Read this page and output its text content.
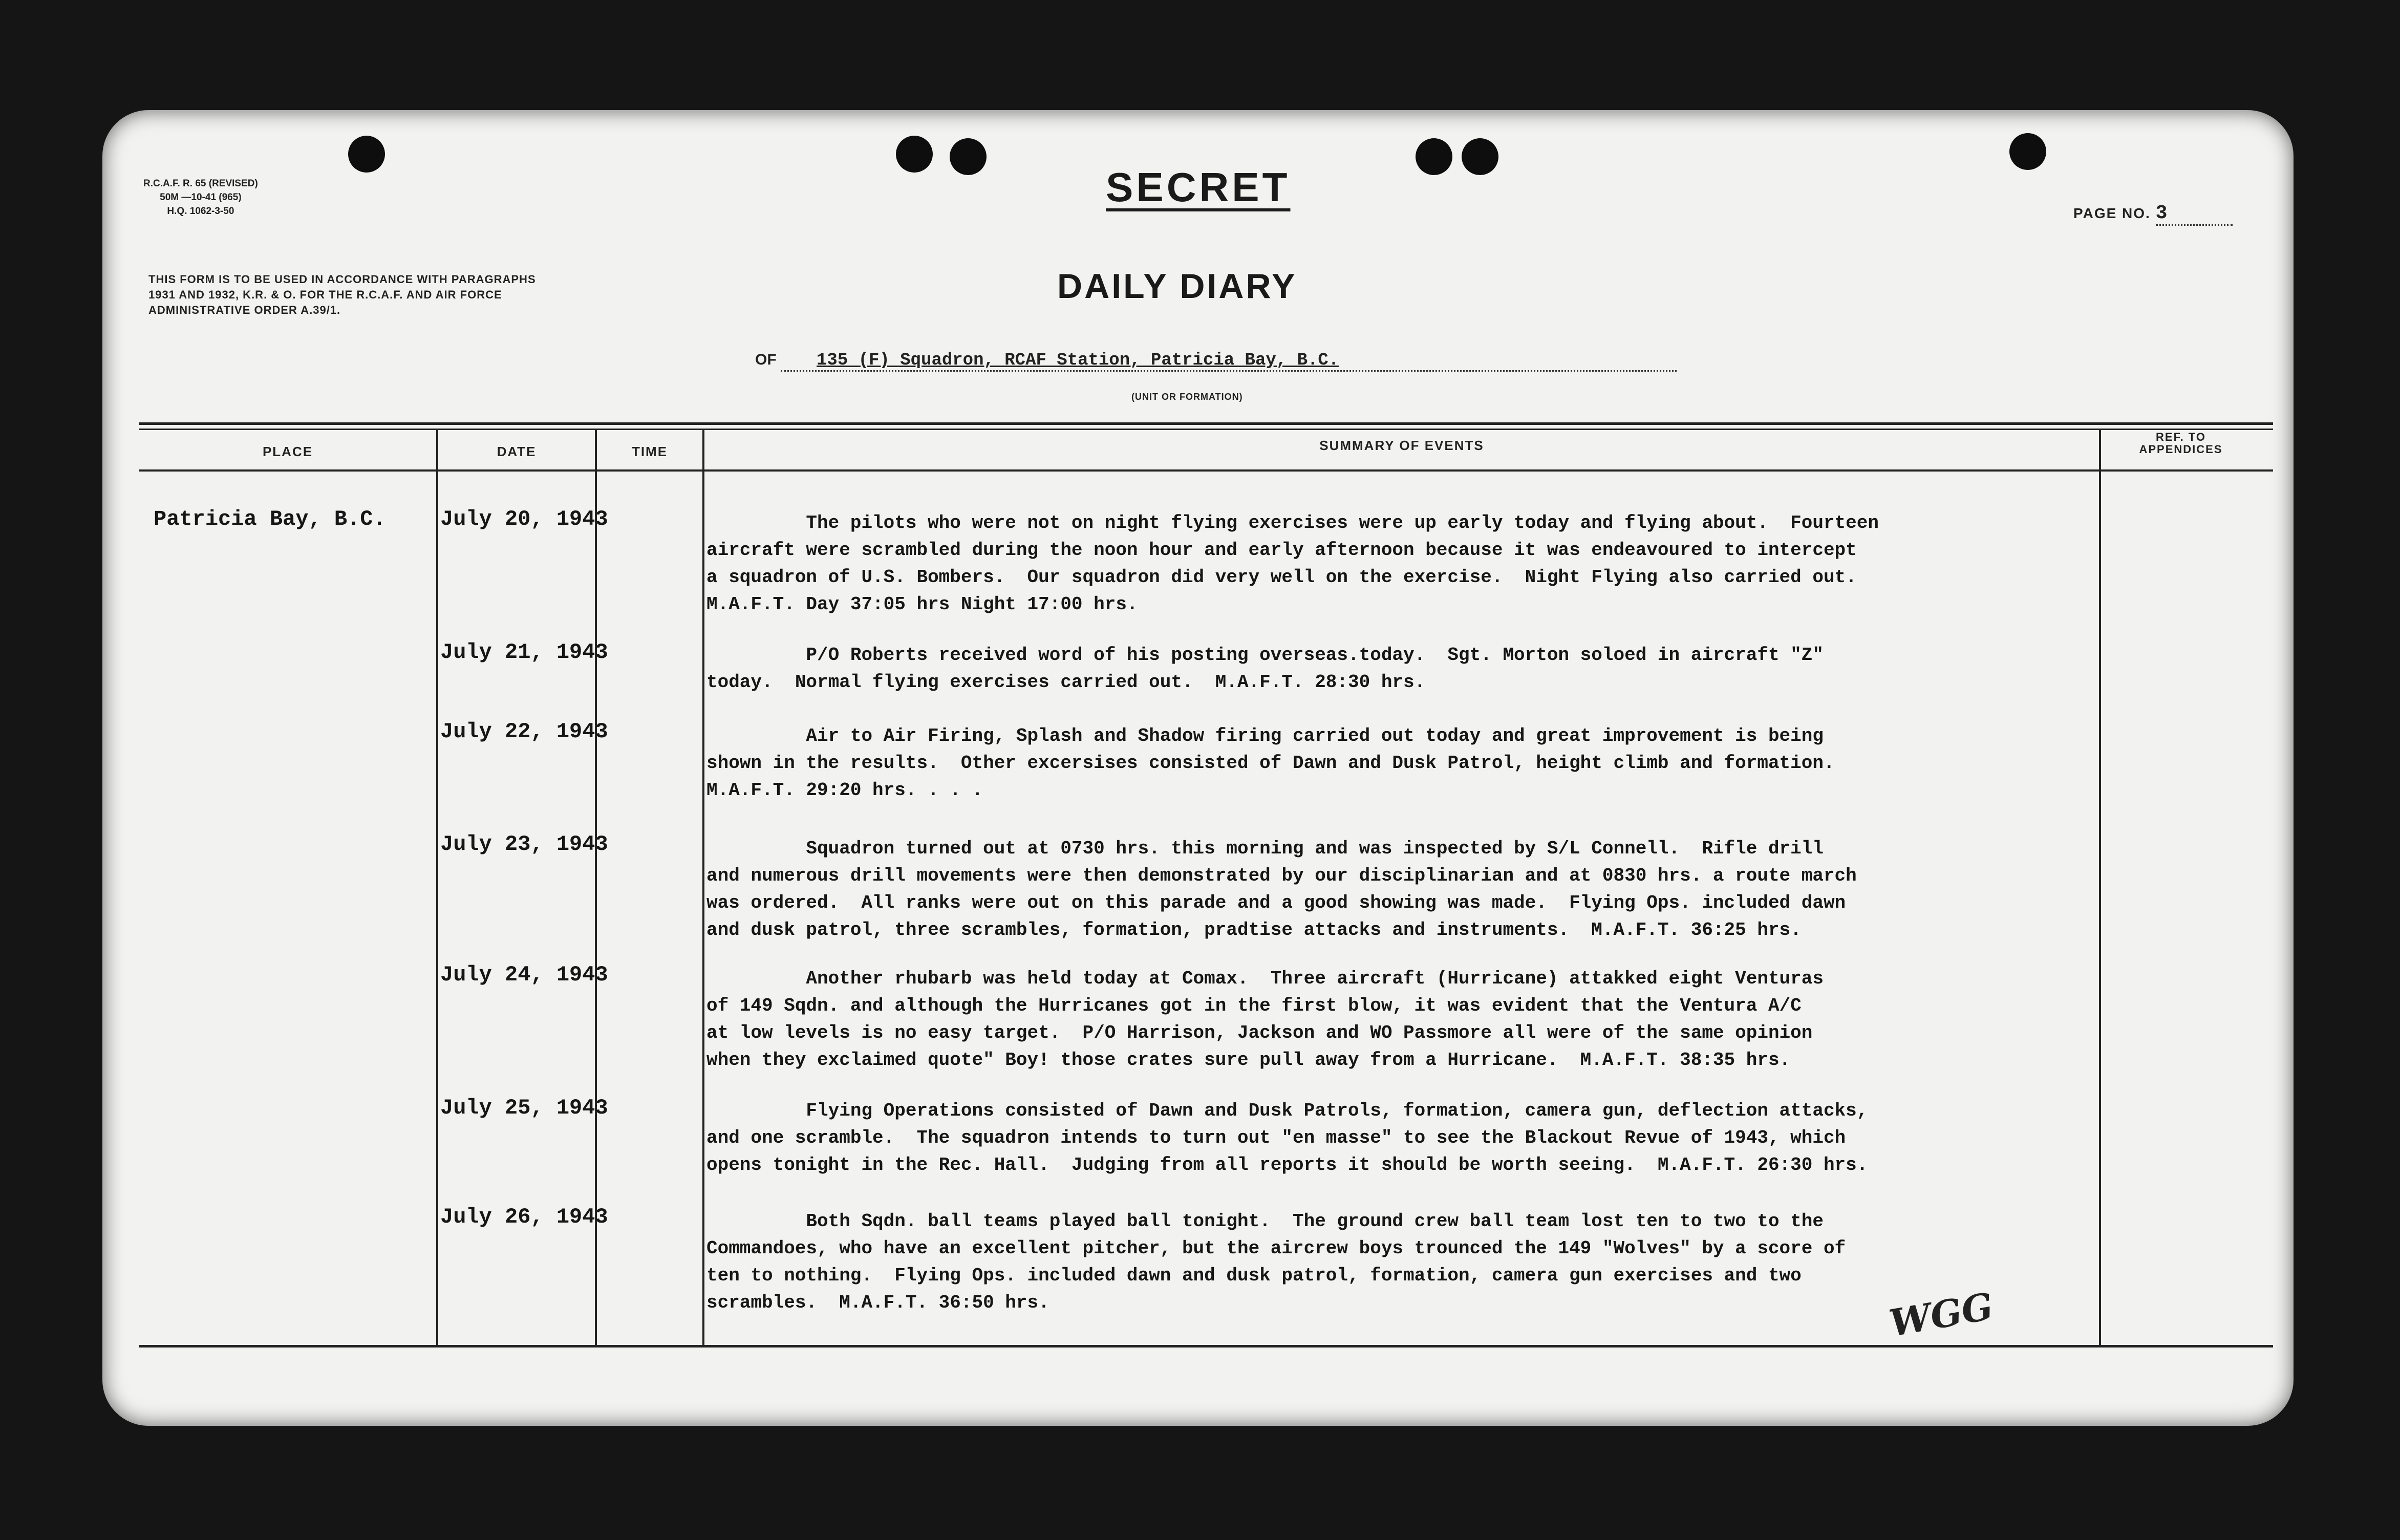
R.C.A.F. R. 65 (REVISED)
50M —10-41 (965)
H.Q. 1062-3-50
SECRET
PAGE NO. 3
THIS FORM IS TO BE USED IN ACCORDANCE WITH PARAGRAPHS 1931 AND 1932, K.R. & O. FOR THE R.C.A.F. AND AIR FORCE ADMINISTRATIVE ORDER A.39/1.
DAILY DIARY
OF 135 (F) Squadron, RCAF Station, Patricia Bay, B.C.
(UNIT OR FORMATION)
PLACE	DATE	TIME	SUMMARY OF EVENTS
REF. TO APPENDICES
Patricia Bay, B.C.	July 20, 1943	The pilots who were not on night flying exercises were up early today and flying about.  Fourteen
aircraft were scrambled during the noon hour and early afternoon because it was endeavoured to intercept
a squadron of U.S. Bombers.  Our squadron did very well on the exercise.  Night Flying also carried out.
M.A.F.T. Day 37:05 hrs Night 17:00 hrs.
July 21, 1943	P/O Roberts received word of his posting overseas.today.  Sgt. Morton soloed in aircraft "Z"
today.  Normal flying exercises carried out.  M.A.F.T. 28:30 hrs.
July 22, 1943	Air to Air Firing, Splash and Shadow firing carried out today and great improvement is being
shown in the results.  Other excersises consisted of Dawn and Dusk Patrol, height climb and formation.
M.A.F.T. 29:20 hrs. . . .
July 23, 1943	Squadron turned out at 0730 hrs. this morning and was inspected by S/L Connell.  Rifle drill
and numerous drill movements were then demonstrated by our disciplinarian and at 0830 hrs. a route march
was ordered.  All ranks were out on this parade and a good showing was made.  Flying Ops. included dawn
and dusk patrol, three scrambles, formation, pradtise attacks and instruments.  M.A.F.T. 36:25 hrs.
July 24, 1943	Another rhubarb was held today at Comax.  Three aircraft (Hurricane) attakked eight Venturas
of 149 Sqdn. and although the Hurricanes got in the first blow, it was evident that the Ventura A/C
at low levels is no easy target.  P/O Harrison, Jackson and WO Passmore all were of the same opinion
when they exclaimed quote" Boy! those crates sure pull away from a Hurricane.  M.A.F.T. 38:35 hrs.
July 25, 1943	Flying Operations consisted of Dawn and Dusk Patrols, formation, camera gun, deflection attacks,
and one scramble.  The squadron intends to turn out "en masse" to see the Blackout Revue of 1943, which
opens tonight in the Rec. Hall.  Judging from all reports it should be worth seeing.  M.A.F.T. 26:30 hrs.
July 26, 1943	Both Sqdn. ball teams played ball tonight.  The ground crew ball team lost ten to two to the
Commandoes, who have an excellent pitcher, but the aircrew boys trounced the 149 "Wolves" by a score of
ten to nothing.  Flying Ops. included dawn and dusk patrol, formation, camera gun exercises and two
scrambles.  M.A.F.T. 36:50 hrs.	WGG
